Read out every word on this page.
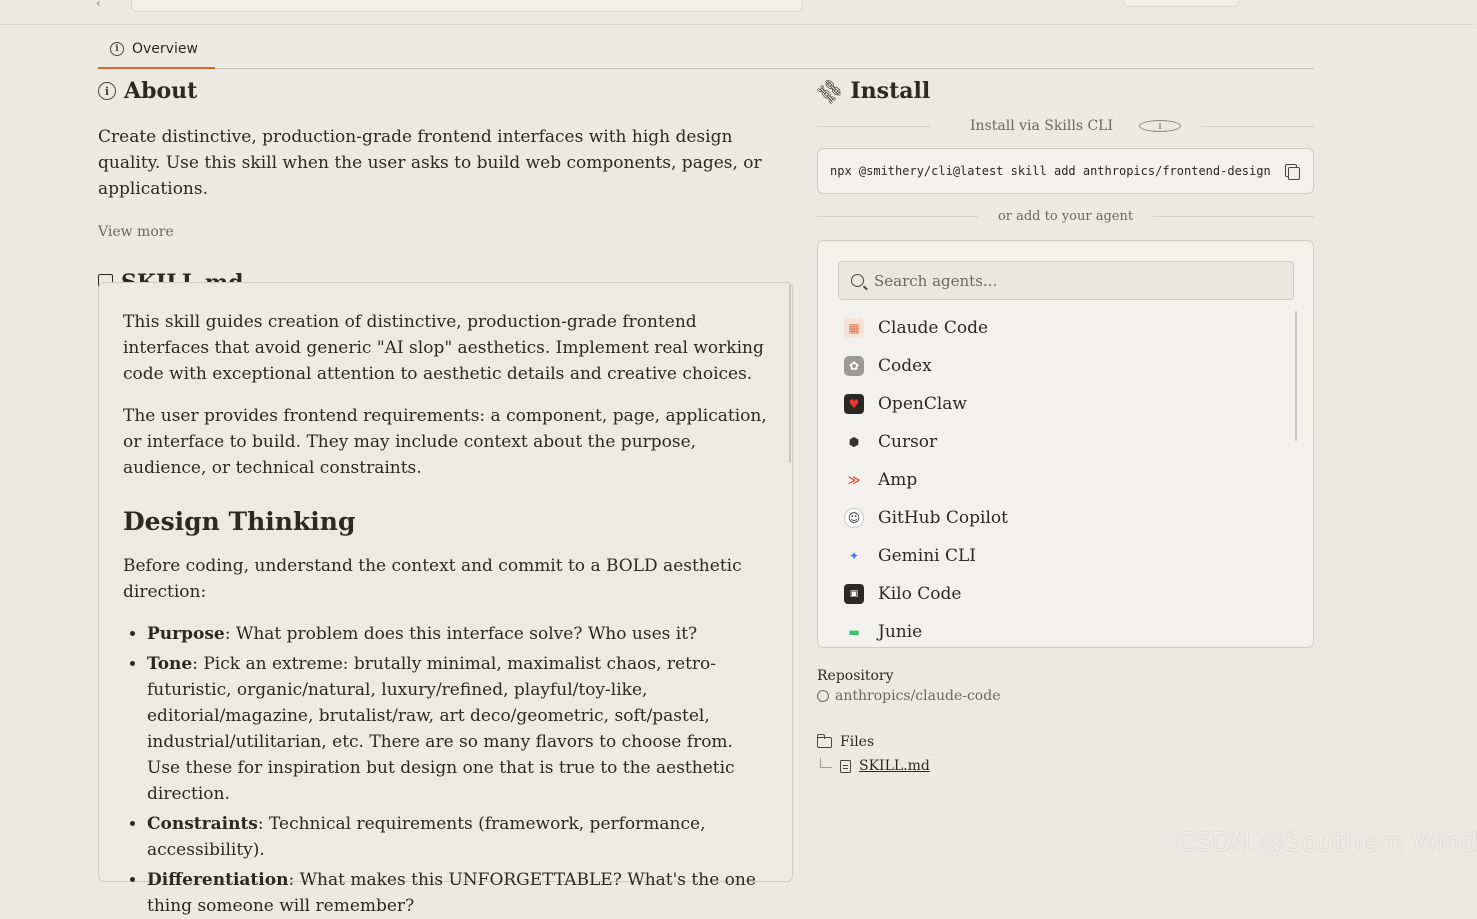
‹
i Overview
i About
Create distinctive, production-grade frontend interfaces with high design quality. Use this skill when the user asks to build web components, pages, or applications.
View more

This skill guides creation of distinctive, production-grade frontend interfaces that avoid generic "AI slop" aesthetics. Implement real working code with exceptional attention to aesthetic details and creative choices.

The user provides frontend requirements: a component, page, application, or interface to build. They may include context about the purpose, audience, or technical constraints.

Design Thinking

Before coding, understand the context and commit to a BOLD aesthetic direction:

• Purpose: What problem does this interface solve? Who uses it?
• Tone: Pick an extreme: brutally minimal, maximalist chaos, retro-futuristic, organic/natural, luxury/refined, playful/toy-like, editorial/magazine, brutalist/raw, art deco/geometric, soft/pastel, industrial/utilitarian, etc. There are so many flavors to choose from. Use these for inspiration but design one that is true to the aesthetic direction.
• Constraints: Technical requirements (framework, performance, accessibility).
• Differentiation: What makes this UNFORGETTABLE? What's the one thing someone will remember?
⛓ Install
Install via Skills CLI	i
npx @smithery/cli@latest skill add anthropics/frontend-design
or add to your agent
Search agents...
▦ Claude Code
✿ Codex
♥ OpenClaw
⬢ Cursor
≫ Amp
☺ GitHub Copilot
✦ Gemini CLI
▣	Kilo Code
▬ Junie
Repository
anthropics/claude-code
Files
SKILL.md
CSDN @Southern Wind
